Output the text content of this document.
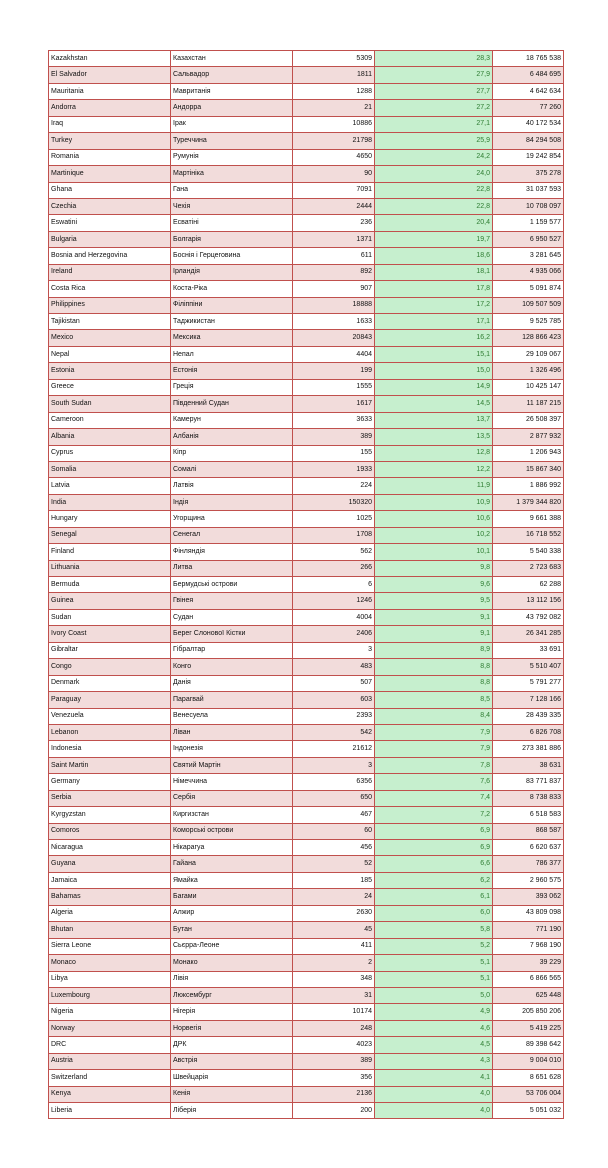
Kazakhstan	Казахстан	5309	28,3	18 765 538
El Salvador	Сальвадор	1811	27,9	6 484 695
Mauritania	Мавританія	1288	27,7	4 642 634
Andorra	Андорра	21	27,2	77 260
Iraq	Ірак	10886	27,1	40 172 534
Turkey	Туреччина	21798	25,9	84 294 508
Romania	Румунія	4650	24,2	19 242 854
Martinique	Мартініка	90	24,0	375 278
Ghana	Гана	7091	22,8	31 037 593
Czechia	Чехія	2444	22,8	10 708 097
Eswatini	Есватіні	236	20,4	1 159 577
Bulgaria	Болгарія	1371	19,7	6 950 527
Bosnia and Herzegovina	Боснія і Герцеговина	611	18,6	3 281 645
Ireland	Ірландія	892	18,1	4 935 066
Costa Rica	Коста-Ріка	907	17,8	5 091 874
Philippines	Філіппіни	18888	17,2	109 507 509
Tajikistan	Таджикистан	1633	17,1	9 525 785
Mexico	Мексика	20843	16,2	128 866 423
Nepal	Непал	4404	15,1	29 109 067
Estonia	Естонія	199	15,0	1 326 496
Greece	Греція	1555	14,9	10 425 147
South Sudan	Південний Судан	1617	14,5	11 187 215
Cameroon	Камерун	3633	13,7	26 508 397
Albania	Албанія	389	13,5	2 877 932
Cyprus	Кіпр	155	12,8	1 206 943
Somalia	Сомалі	1933	12,2	15 867 340
Latvia	Латвія	224	11,9	1 886 992
India	Індія	150320	10,9	1 379 344 820
Hungary	Угорщина	1025	10,6	9 661 388
Senegal	Сенегал	1708	10,2	16 718 552
Finland	Фінляндія	562	10,1	5 540 338
Lithuania	Литва	266	9,8	2 723 683
Bermuda	Бермудські острови	6	9,6	62 288
Guinea	Гвінея	1246	9,5	13 112 156
Sudan	Судан	4004	9,1	43 792 082
Ivory Coast	Берег Слонової Кістки	2406	9,1	26 341 285
Gibraltar	Гібралтар	3	8,9	33 691
Congo	Конго	483	8,8	5 510 407
Denmark	Данія	507	8,8	5 791 277
Paraguay	Парагвай	603	8,5	7 128 166
Venezuela	Венесуела	2393	8,4	28 439 335
Lebanon	Ліван	542	7,9	6 826 708
Indonesia	Індонезія	21612	7,9	273 381 886
Saint Martin	Святий Мартін	3	7,8	38 631
Germany	Німеччина	6356	7,6	83 771 837
Serbia	Сербія	650	7,4	8 738 833
Kyrgyzstan	Киргизстан	467	7,2	6 518 583
Comoros	Коморські острови	60	6,9	868 587
Nicaragua	Нікарагуа	456	6,9	6 620 637
Guyana	Гайана	52	6,6	786 377
Jamaica	Ямайка	185	6,2	2 960 575
Bahamas	Багами	24	6,1	393 062
Algeria	Алжир	2630	6,0	43 809 098
Bhutan	Бутан	45	5,8	771 190
Sierra Leone	Сьєрра-Леоне	411	5,2	7 968 190
Monaco	Монако	2	5,1	39 229
Libya	Лівія	348	5,1	6 866 565
Luxembourg	Люксембург	31	5,0	625 448
Nigeria	Нігерія	10174	4,9	205 850 206
Norway	Норвегія	248	4,6	5 419 225
DRC	ДРК	4023	4,5	89 398 642
Austria	Австрія	389	4,3	9 004 010
Switzerland	Швейцарія	356	4,1	8 651 628
Kenya	Кенія	2136	4,0	53 706 004
Liberia	Ліберія	200	4,0	5 051 032
